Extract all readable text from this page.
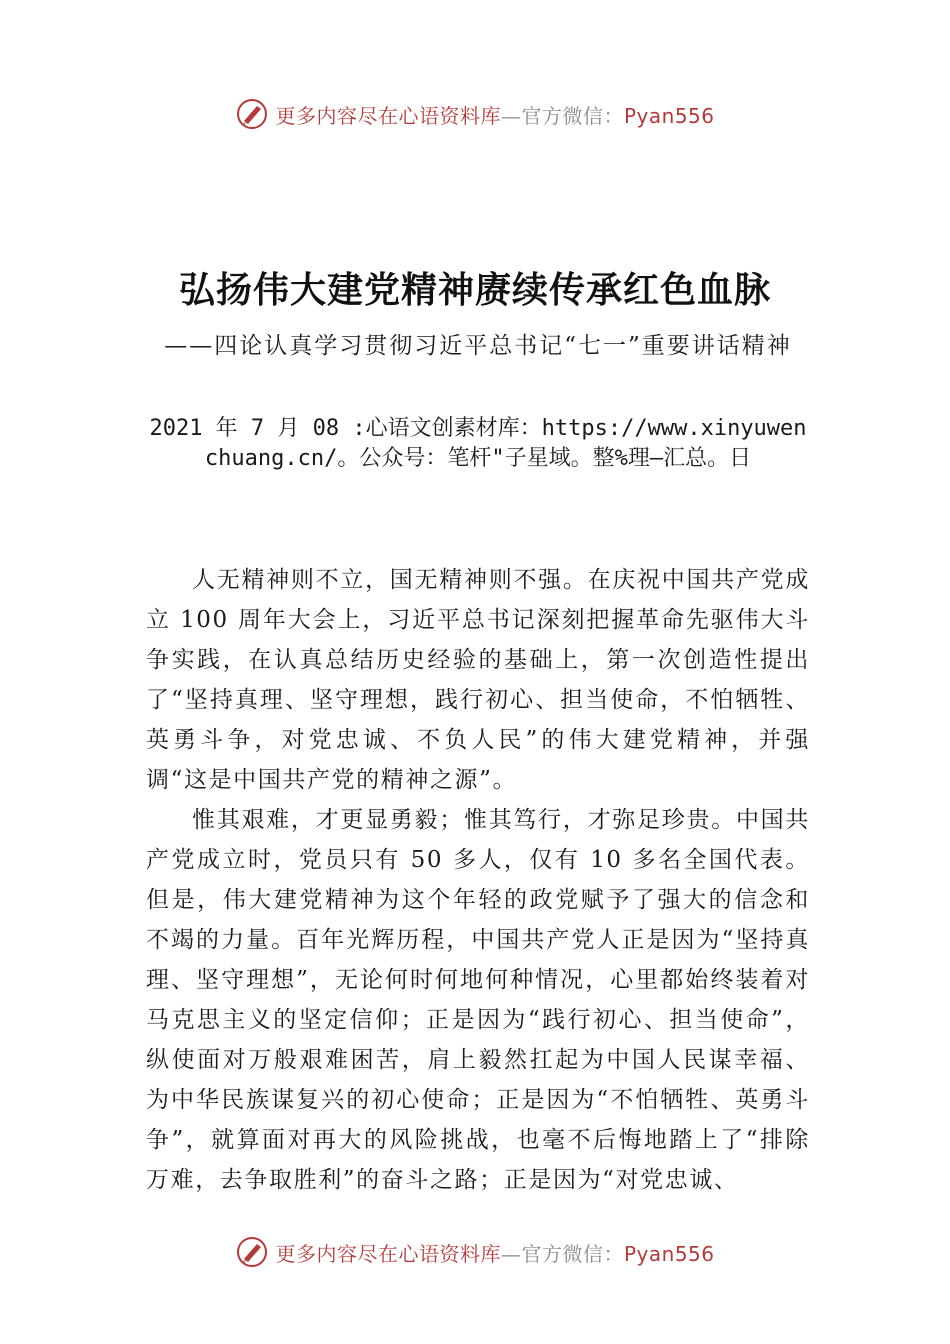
更多内容尽在心语资料库—官方微信：Pyan556
弘扬伟大建党精神赓续传承红色血脉

——四论认真学习贯彻习近平总书记“七一”重要讲话精神

2021 年 7 月 08 :心语文创素材库：https://www.xinyuwenchuang.cn/。公众号：笔杆"子星域。整%理—汇总。日

人无精神则不立，国无精神则不强。在庆祝中国共产党成立 100 周年大会上，习近平总书记深刻把握革命先驱伟大斗争实践，在认真总结历史经验的基础上，第一次创造性提出了“坚持真理、坚守理想，践行初心、担当使命，不怕牺牲、英勇斗争，对党忠诚、不负人民”的伟大建党精神，并强调“这是中国共产党的精神之源”。

惟其艰难，才更显勇毅；惟其笃行，才弥足珍贵。中国共产党成立时，党员只有 50 多人，仅有 10 多名全国代表。但是，伟大建党精神为这个年轻的政党赋予了强大的信念和不竭的力量。百年光辉历程，中国共产党人正是因为“坚持真理、坚守理想”，无论何时何地何种情况，心里都始终装着对马克思主义的坚定信仰；正是因为“践行初心、担当使命”，纵使面对万般艰难困苦，肩上毅然扛起为中国人民谋幸福、为中华民族谋复兴的初心使命；正是因为“不怕牺牲、英勇斗争”，就算面对再大的风险挑战，也毫不后悔地踏上了“排除万难，去争取胜利”的奋斗之路；正是因为“对党忠诚、

更多内容尽在心语资料库—官方微信：Pyan556
